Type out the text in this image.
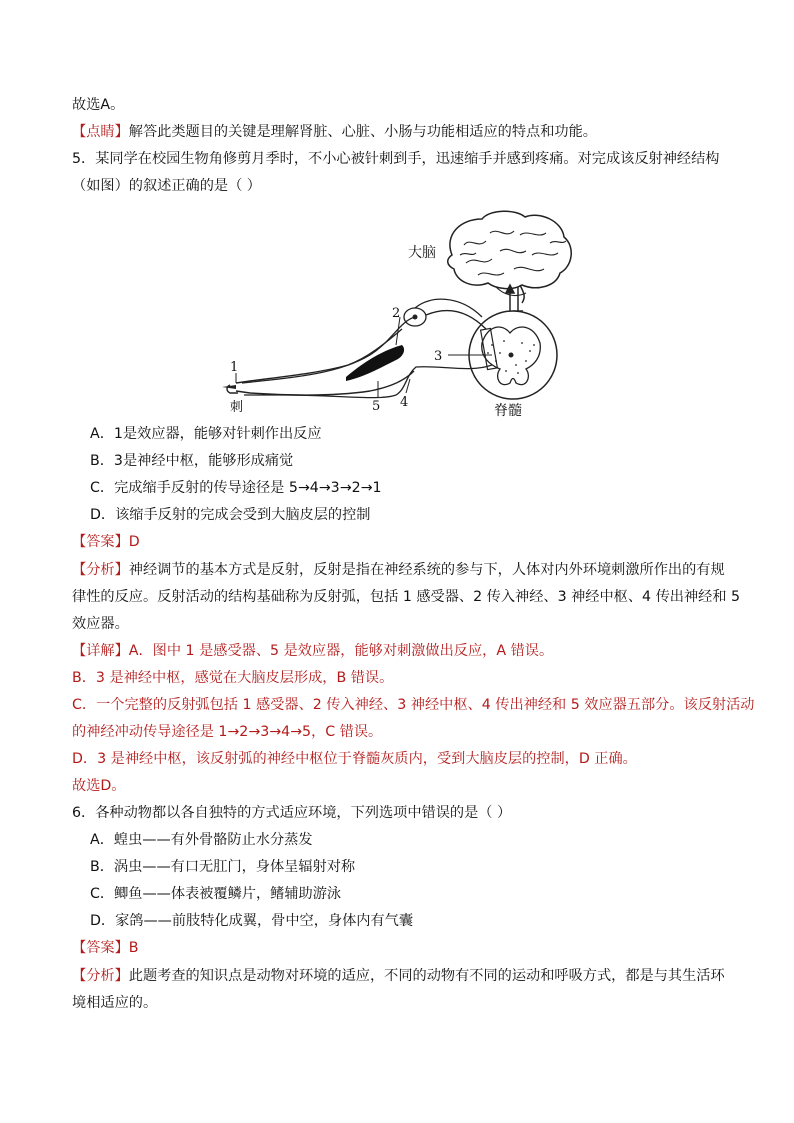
故选A。
【点睛】解答此类题目的关键是理解肾脏、心脏、小肠与功能相适应的特点和功能。
5．某同学在校园生物角修剪月季时，不小心被针刺到手，迅速缩手并感到疼痛。对完成该反射神经结构
（如图）的叙述正确的是（ ）
大脑
脊髓
1
2
3
4
5
刺
A．1是效应器，能够对针刺作出反应
B．3是神经中枢，能够形成痛觉
C．完成缩手反射的传导途径是 5→4→3→2→1
D．该缩手反射的完成会受到大脑皮层的控制
【答案】D
【分析】神经调节的基本方式是反射，反射是指在神经系统的参与下，人体对内外环境刺激所作出的有规
律性的反应。反射活动的结构基础称为反射弧，包括 1 感受器、2 传入神经、3 神经中枢、4 传出神经和 5
效应器。
【详解】A．图中 1 是感受器、5 是效应器，能够对刺激做出反应，A 错误。
B．3 是神经中枢，感觉在大脑皮层形成，B 错误。
C．一个完整的反射弧包括 1 感受器、2 传入神经、3 神经中枢、4 传出神经和 5 效应器五部分。该反射活动
的神经冲动传导途径是 1→2→3→4→5，C 错误。
D．3 是神经中枢，该反射弧的神经中枢位于脊髓灰质内，受到大脑皮层的控制，D 正确。
故选D。
6．各种动物都以各自独特的方式适应环境，下列选项中错误的是（ ）
A．蝗虫——有外骨骼防止水分蒸发
B．涡虫——有口无肛门，身体呈辐射对称
C．鲫鱼——体表被覆鳞片，鳍辅助游泳
D．家鸽——前肢特化成翼，骨中空，身体内有气囊
【答案】B
【分析】此题考查的知识点是动物对环境的适应，不同的动物有不同的运动和呼吸方式，都是与其生活环
境相适应的。
